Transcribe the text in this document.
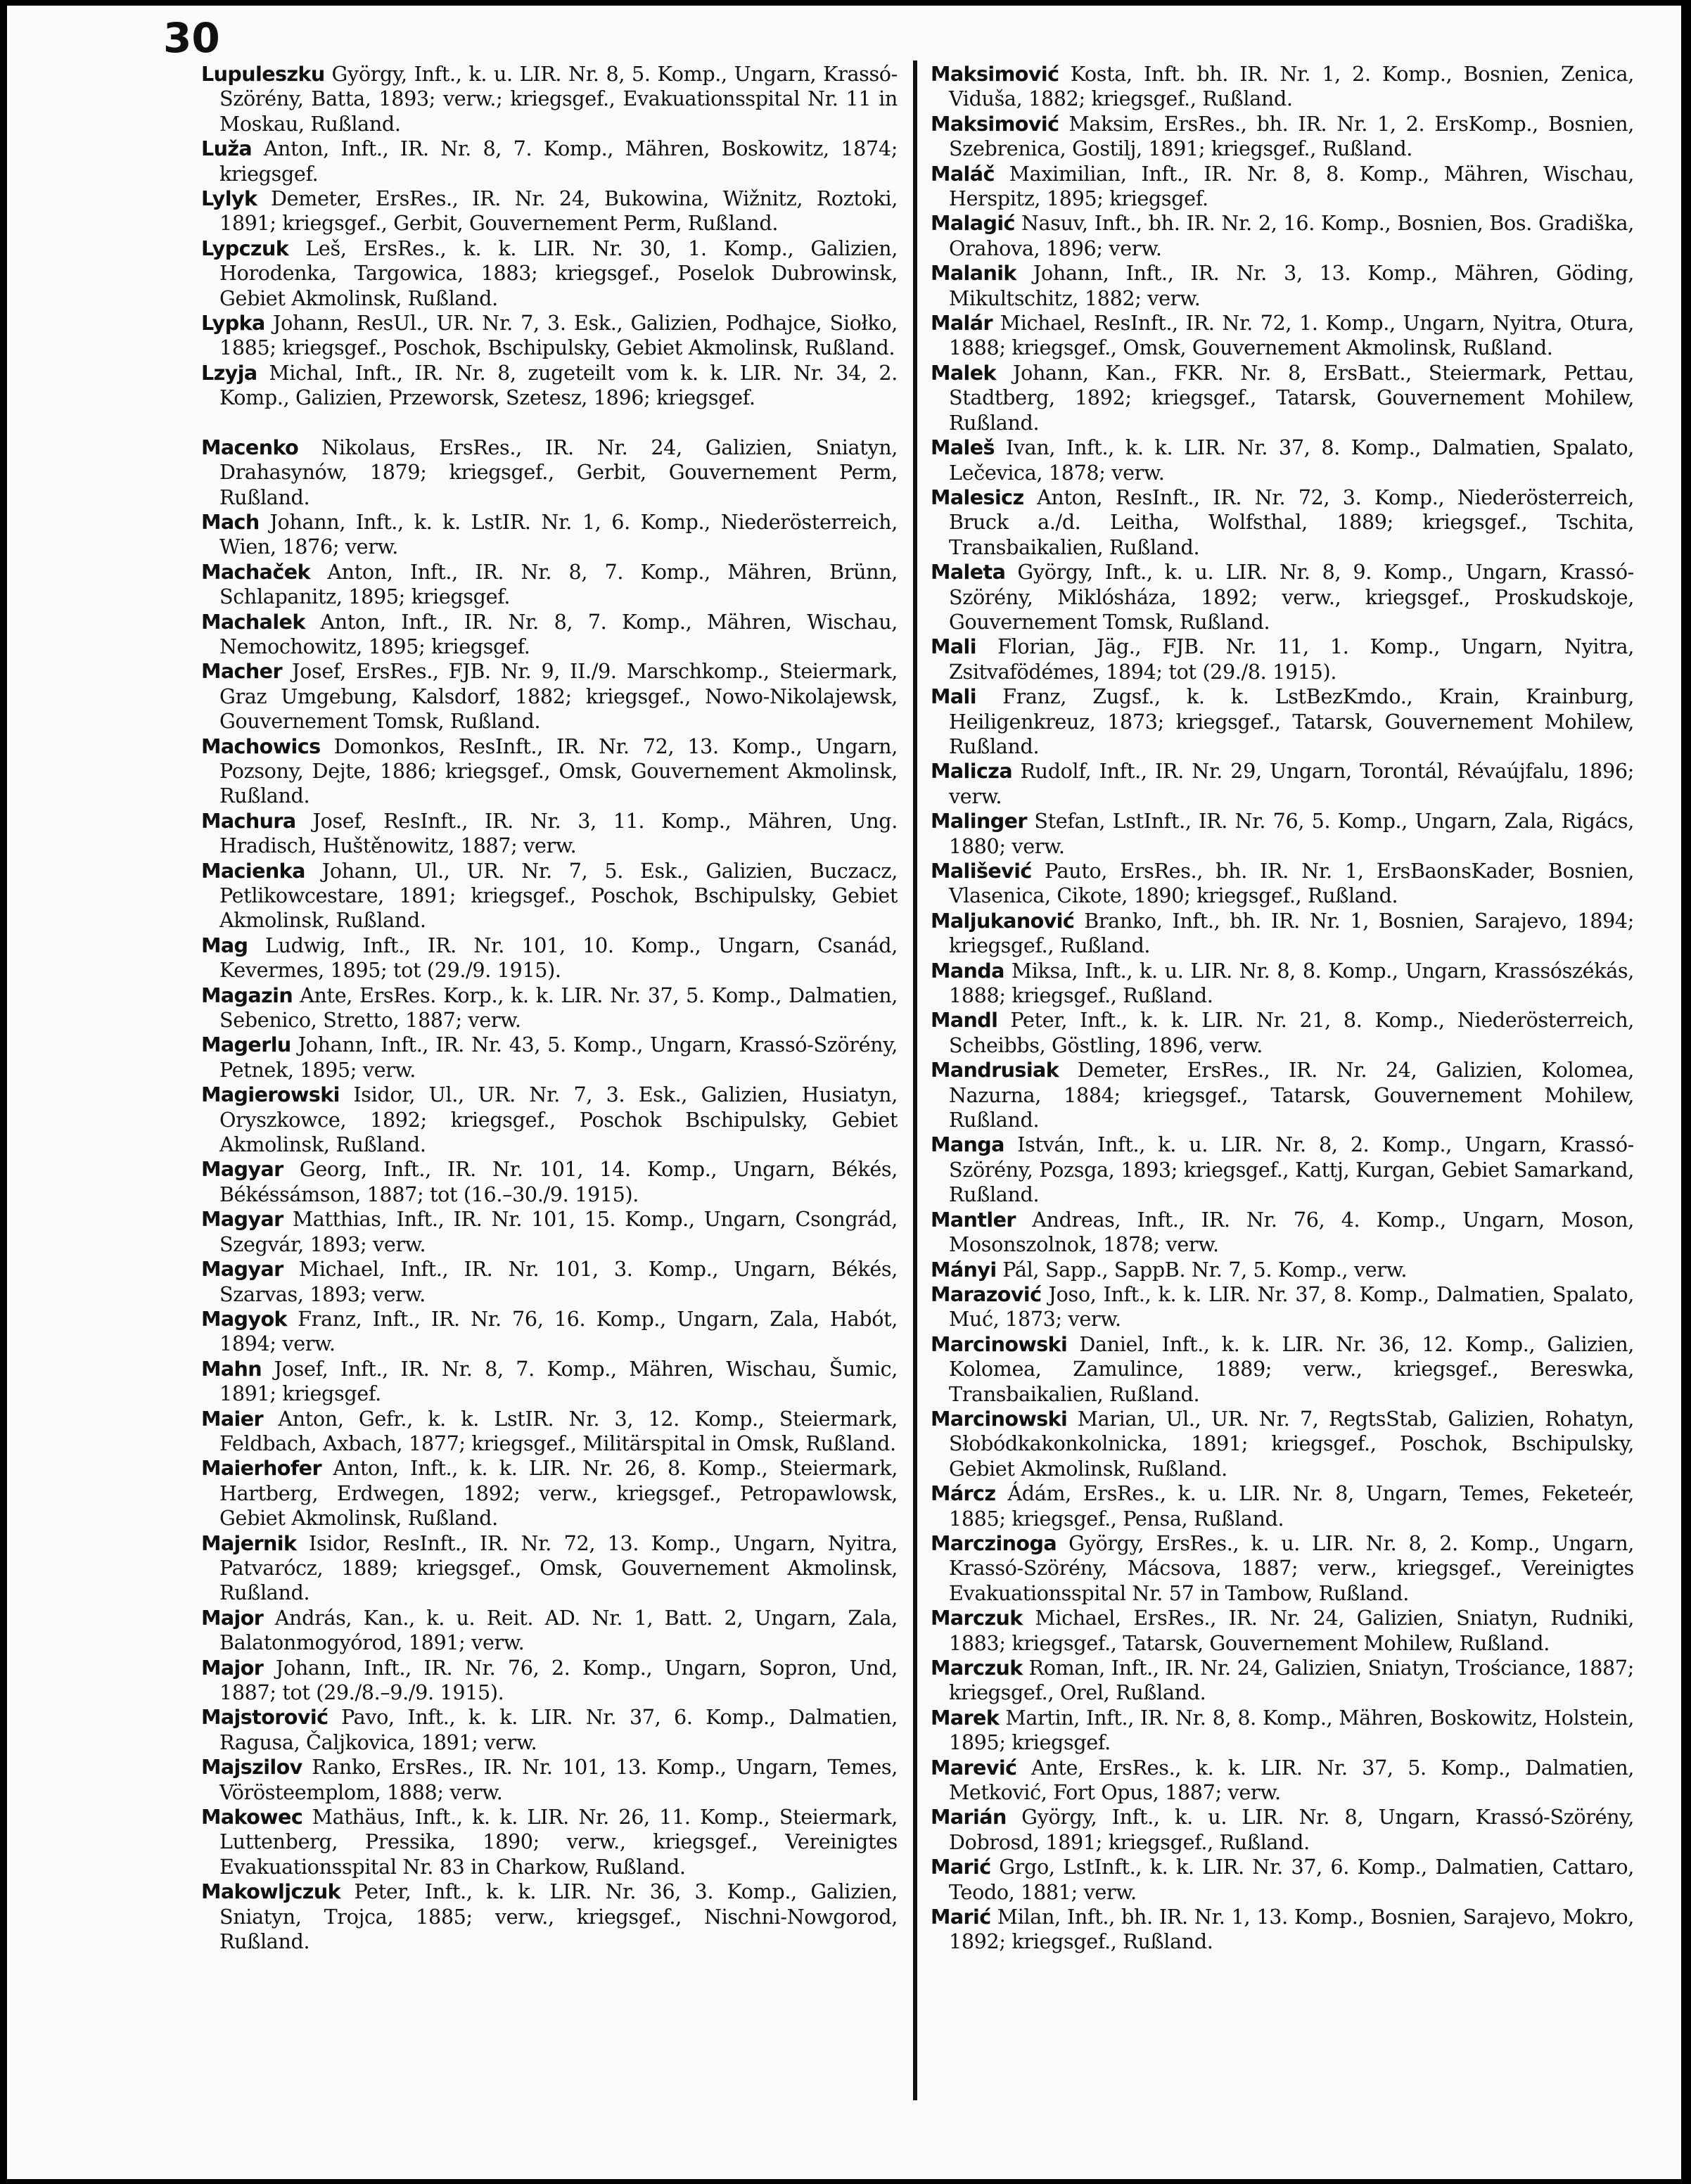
30

Lupuleszku György, Inft., k. u. LIR. Nr. 8, 5. Komp., Ungarn, Krassó-Szörény, Batta, 1893; verw.; kriegsgef., Evakuationsspital Nr. 11 in Moskau, Rußland.

Luža Anton, Inft., IR. Nr. 8, 7. Komp., Mähren, Boskowitz, 1874; kriegsgef.

Lylyk Demeter, ErsRes., IR. Nr. 24, Bukowina, Wižnitz, Roztoki, 1891; kriegsgef., Gerbit, Gouvernement Perm, Rußland.

Lypczuk Leš, ErsRes., k. k. LIR. Nr. 30, 1. Komp., Galizien, Horodenka, Targowica, 1883; kriegsgef., Poselok Dubrowinsk, Gebiet Akmolinsk, Rußland.

Lypka Johann, ResUl., UR. Nr. 7, 3. Esk., Galizien, Podhajce, Siołko, 1885; kriegsgef., Poschok, Bschipulsky, Gebiet Akmolinsk, Rußland.

Lzyja Michal, Inft., IR. Nr. 8, zugeteilt vom k. k. LIR. Nr. 34, 2. Komp., Galizien, Przeworsk, Szetesz, 1896; kriegsgef.

Macenko Nikolaus, ErsRes., IR. Nr. 24, Galizien, Sniatyn, Drahasynów, 1879; kriegsgef., Gerbit, Gouvernement Perm, Rußland.

Mach Johann, Inft., k. k. LstIR. Nr. 1, 6. Komp., Niederösterreich, Wien, 1876; verw.

Machaček Anton, Inft., IR. Nr. 8, 7. Komp., Mähren, Brünn, Schlapanitz, 1895; kriegsgef.

Machalek Anton, Inft., IR. Nr. 8, 7. Komp., Mähren, Wischau, Nemochowitz, 1895; kriegsgef.

Macher Josef, ErsRes., FJB. Nr. 9, II./9. Marschkomp., Steiermark, Graz Umgebung, Kalsdorf, 1882; kriegsgef., Nowo-Nikolajewsk, Gouvernement Tomsk, Rußland.

Machowics Domonkos, ResInft., IR. Nr. 72, 13. Komp., Ungarn, Pozsony, Dejte, 1886; kriegsgef., Omsk, Gouvernement Akmolinsk, Rußland.

Machura Josef, ResInft., IR. Nr. 3, 11. Komp., Mähren, Ung. Hradisch, Huštěnowitz, 1887; verw.

Macienka Johann, Ul., UR. Nr. 7, 5. Esk., Galizien, Buczacz, Petlikowcestare, 1891; kriegsgef., Poschok, Bschipulsky, Gebiet Akmolinsk, Rußland.

Mag Ludwig, Inft., IR. Nr. 101, 10. Komp., Ungarn, Csanád, Kevermes, 1895; tot (29./9. 1915).

Magazin Ante, ErsRes. Korp., k. k. LIR. Nr. 37, 5. Komp., Dalmatien, Sebenico, Stretto, 1887; verw.

Magerlu Johann, Inft., IR. Nr. 43, 5. Komp., Ungarn, Krassó-Szörény, Petnek, 1895; verw.

Magierowski Isidor, Ul., UR. Nr. 7, 3. Esk., Galizien, Husiatyn, Oryszkowce, 1892; kriegsgef., Poschok Bschipulsky, Gebiet Akmolinsk, Rußland.

Magyar Georg, Inft., IR. Nr. 101, 14. Komp., Ungarn, Békés, Békéssámson, 1887; tot (16.–30./9. 1915).

Magyar Matthias, Inft., IR. Nr. 101, 15. Komp., Ungarn, Csongrád, Szegvár, 1893; verw.

Magyar Michael, Inft., IR. Nr. 101, 3. Komp., Ungarn, Békés, Szarvas, 1893; verw.

Magyok Franz, Inft., IR. Nr. 76, 16. Komp., Ungarn, Zala, Habót, 1894; verw.

Mahn Josef, Inft., IR. Nr. 8, 7. Komp., Mähren, Wischau, Šumic, 1891; kriegsgef.

Maier Anton, Gefr., k. k. LstIR. Nr. 3, 12. Komp., Steiermark, Feldbach, Axbach, 1877; kriegsgef., Militärspital in Omsk, Rußland.

Maierhofer Anton, Inft., k. k. LIR. Nr. 26, 8. Komp., Steiermark, Hartberg, Erdwegen, 1892; verw., kriegsgef., Petropawlowsk, Gebiet Akmolinsk, Rußland.

Majernik Isidor, ResInft., IR. Nr. 72, 13. Komp., Ungarn, Nyitra, Patvarócz, 1889; kriegsgef., Omsk, Gouvernement Akmolinsk, Rußland.

Major András, Kan., k. u. Reit. AD. Nr. 1, Batt. 2, Ungarn, Zala, Balatonmogyórod, 1891; verw.

Major Johann, Inft., IR. Nr. 76, 2. Komp., Ungarn, Sopron, Und, 1887; tot (29./8.–9./9. 1915).

Majstorović Pavo, Inft., k. k. LIR. Nr. 37, 6. Komp., Dalmatien, Ragusa, Čaljkovica, 1891; verw.

Majszilov Ranko, ErsRes., IR. Nr. 101, 13. Komp., Ungarn, Temes, Vörösteemplom, 1888; verw.

Makowec Mathäus, Inft., k. k. LIR. Nr. 26, 11. Komp., Steiermark, Luttenberg, Pressika, 1890; verw., kriegsgef., Vereinigtes Evakuationsspital Nr. 83 in Charkow, Rußland.

Makowljczuk Peter, Inft., k. k. LIR. Nr. 36, 3. Komp., Galizien, Sniatyn, Trojca, 1885; verw., kriegsgef., Nischni-Nowgorod, Rußland.

Maksimović Kosta, Inft. bh. IR. Nr. 1, 2. Komp., Bosnien, Zenica, Viduša, 1882; kriegsgef., Rußland.

Maksimović Maksim, ErsRes., bh. IR. Nr. 1, 2. ErsKomp., Bosnien, Szebrenica, Gostilj, 1891; kriegsgef., Rußland.

Maláč Maximilian, Inft., IR. Nr. 8, 8. Komp., Mähren, Wischau, Herspitz, 1895; kriegsgef.

Malagić Nasuv, Inft., bh. IR. Nr. 2, 16. Komp., Bosnien, Bos. Gradiška, Orahova, 1896; verw.

Malanik Johann, Inft., IR. Nr. 3, 13. Komp., Mähren, Göding, Mikultschitz, 1882; verw.

Malár Michael, ResInft., IR. Nr. 72, 1. Komp., Ungarn, Nyitra, Otura, 1888; kriegsgef., Omsk, Gouvernement Akmolinsk, Rußland.

Malek Johann, Kan., FKR. Nr. 8, ErsBatt., Steiermark, Pettau, Stadtberg, 1892; kriegsgef., Tatarsk, Gouvernement Mohilew, Rußland.

Maleš Ivan, Inft., k. k. LIR. Nr. 37, 8. Komp., Dalmatien, Spalato, Lečevica, 1878; verw.

Malesicz Anton, ResInft., IR. Nr. 72, 3. Komp., Niederösterreich, Bruck a./d. Leitha, Wolfsthal, 1889; kriegsgef., Tschita, Transbaikalien, Rußland.

Maleta György, Inft., k. u. LIR. Nr. 8, 9. Komp., Ungarn, Krassó-Szörény, Miklósháza, 1892; verw., kriegsgef., Proskudskoje, Gouvernement Tomsk, Rußland.

Mali Florian, Jäg., FJB. Nr. 11, 1. Komp., Ungarn, Nyitra, Zsitvafödémes, 1894; tot (29./8. 1915).

Mali Franz, Zugsf., k. k. LstBezKmdo., Krain, Krainburg, Heiligenkreuz, 1873; kriegsgef., Tatarsk, Gouvernement Mohilew, Rußland.

Malicza Rudolf, Inft., IR. Nr. 29, Ungarn, Torontál, Révaújfalu, 1896; verw.

Malinger Stefan, LstInft., IR. Nr. 76, 5. Komp., Ungarn, Zala, Rigács, 1880; verw.

Mališević Pauto, ErsRes., bh. IR. Nr. 1, ErsBaonsKader, Bosnien, Vlasenica, Cikote, 1890; kriegsgef., Rußland.

Maljukanović Branko, Inft., bh. IR. Nr. 1, Bosnien, Sarajevo, 1894; kriegsgef., Rußland.

Manda Miksa, Inft., k. u. LIR. Nr. 8, 8. Komp., Ungarn, Krassószékás, 1888; kriegsgef., Rußland.

Mandl Peter, Inft., k. k. LIR. Nr. 21, 8. Komp., Niederösterreich, Scheibbs, Göstling, 1896, verw.

Mandrusiak Demeter, ErsRes., IR. Nr. 24, Galizien, Kolomea, Nazurna, 1884; kriegsgef., Tatarsk, Gouvernement Mohilew, Rußland.

Manga István, Inft., k. u. LIR. Nr. 8, 2. Komp., Ungarn, Krassó-Szörény, Pozsga, 1893; kriegsgef., Kattj, Kurgan, Gebiet Samarkand, Rußland.

Mantler Andreas, Inft., IR. Nr. 76, 4. Komp., Ungarn, Moson, Mosonszolnok, 1878; verw.

Mányi Pál, Sapp., SappB. Nr. 7, 5. Komp., verw.

Marazović Joso, Inft., k. k. LIR. Nr. 37, 8. Komp., Dalmatien, Spalato, Muć, 1873; verw.

Marcinowski Daniel, Inft., k. k. LIR. Nr. 36, 12. Komp., Galizien, Kolomea, Zamulince, 1889; verw., kriegsgef., Bereswka, Transbaikalien, Rußland.

Marcinowski Marian, Ul., UR. Nr. 7, RegtsStab, Galizien, Rohatyn, Słobódkakonkolnicka, 1891; kriegsgef., Poschok, Bschipulsky, Gebiet Akmolinsk, Rußland.

Márcz Ádám, ErsRes., k. u. LIR. Nr. 8, Ungarn, Temes, Feketeér, 1885; kriegsgef., Pensa, Rußland.

Marczinoga György, ErsRes., k. u. LIR. Nr. 8, 2. Komp., Ungarn, Krassó-Szörény, Mácsova, 1887; verw., kriegsgef., Vereinigtes Evakuationsspital Nr. 57 in Tambow, Rußland.

Marczuk Michael, ErsRes., IR. Nr. 24, Galizien, Sniatyn, Rudniki, 1883; kriegsgef., Tatarsk, Gouvernement Mohilew, Rußland.

Marczuk Roman, Inft., IR. Nr. 24, Galizien, Sniatyn, Trościance, 1887; kriegsgef., Orel, Rußland.

Marek Martin, Inft., IR. Nr. 8, 8. Komp., Mähren, Boskowitz, Holstein, 1895; kriegsgef.

Marević Ante, ErsRes., k. k. LIR. Nr. 37, 5. Komp., Dalmatien, Metković, Fort Opus, 1887; verw.

Marián György, Inft., k. u. LIR. Nr. 8, Ungarn, Krassó-Szörény, Dobrosd, 1891; kriegsgef., Rußland.

Marić Grgo, LstInft., k. k. LIR. Nr. 37, 6. Komp., Dalmatien, Cattaro, Teodo, 1881; verw.

Marić Milan, Inft., bh. IR. Nr. 1, 13. Komp., Bosnien, Sarajevo, Mokro, 1892; kriegsgef., Rußland.
